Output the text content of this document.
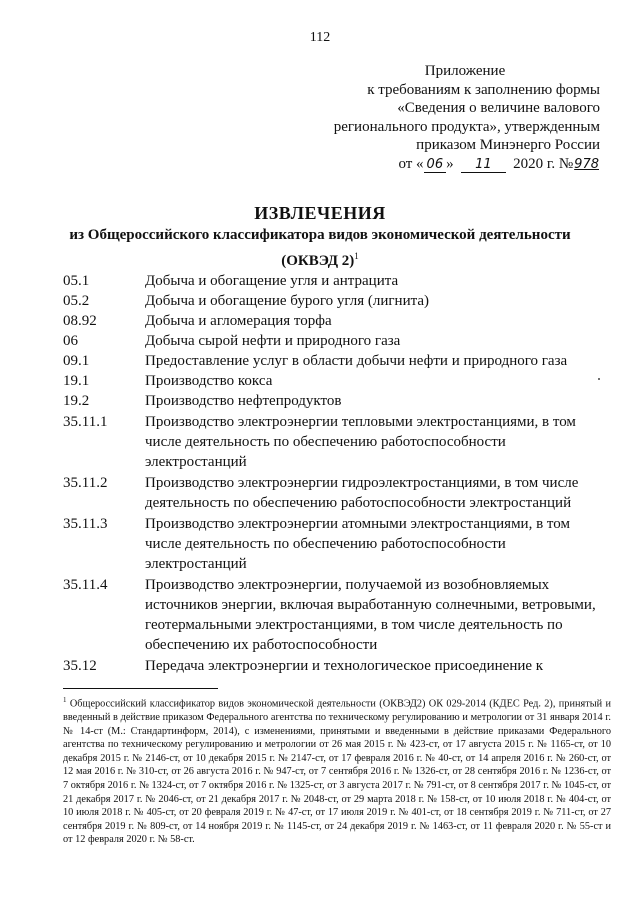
112
Приложение
к требованиям к заполнению формы
«Сведения о величине валового
регионального продукта», утвержденным
приказом Минэнерго России
от « 06 » 11 2020 г. №978
ИЗВЛЕЧЕНИЯ
из Общероссийского классификатора видов экономической деятельности
(ОКВЭД 2)$^1$
05.1	Добыча и обогащение угля и антрацита
05.2	Добыча и обогащение бурого угля (лигнита)
08.92	Добыча и агломерация торфа
06	Добыча сырой нефти и природного газа
09.1	Предоставление услуг в области добычи нефти и природного газа
19.1	Производство кокса
19.2	Производство нефтепродуктов
35.11.1	Производство электроэнергии тепловыми электростанциями, в том числе деятельность по обеспечению работоспособности электростанций
35.11.2	Производство электроэнергии гидроэлектростанциями, в том числе деятельность по обеспечению работоспособности электростанций
35.11.3	Производство электроэнергии атомными электростанциями, в том числе деятельность по обеспечению работоспособности электростанций
35.11.4	Производство электроэнергии, получаемой из возобновляемых источников энергии, включая выработанную солнечными, ветровыми, геотермальными электростанциями, в том числе деятельность по обеспечению их работоспособности
35.12	Передача электроэнергии и технологическое присоединение к
$^1$ Общероссийский классификатор видов экономической деятельности (ОКВЭД2) ОК 029-2014 (КДЕС Ред. 2), принятый и введенный в действие приказом Федерального агентства по техническому регулированию и метрологии от 31 января 2014 г. № 14-ст (М.: Стандартинформ, 2014), с изменениями, принятыми и введенными в действие приказами Федерального агентства по техническому регулированию и метрологии от 26 мая 2015 г. № 423-ст, от 17 августа 2015 г. № 1165-ст, от 10 декабря 2015 г. № 2146-ст, от 10 декабря 2015 г. № 2147-ст, от 17 февраля 2016 г. № 40-ст, от 14 апреля 2016 г. № 260-ст, от 12 мая 2016 г. № 310-ст, от 26 августа 2016 г. № 947-ст, от 7 сентября 2016 г. № 1326-ст, от 28 сентября 2016 г. № 1236-ст, от 7 октября 2016 г. № 1324-ст, от 7 октября 2016 г. № 1325-ст, от 3 августа 2017 г. № 791-ст, от 8 сентября 2017 г. № 1045-ст, от 21 декабря 2017 г. № 2046-ст, от 21 декабря 2017 г. № 2048-ст, от 29 марта 2018 г. № 158-ст, от 10 июля 2018 г. № 404-ст, от 10 июля 2018 г. № 405-ст, от 20 февраля 2019 г. № 47-ст, от 17 июля 2019 г. № 401-ст, от 18 сентября 2019 г. № 711-ст, от 27 сентября 2019 г. № 809-ст, от 14 ноября 2019 г. № 1145-ст, от 24 декабря 2019 г. № 1463-ст, от 11 февраля 2020 г. № 55-ст и от 12 февраля 2020 г. № 58-ст.
